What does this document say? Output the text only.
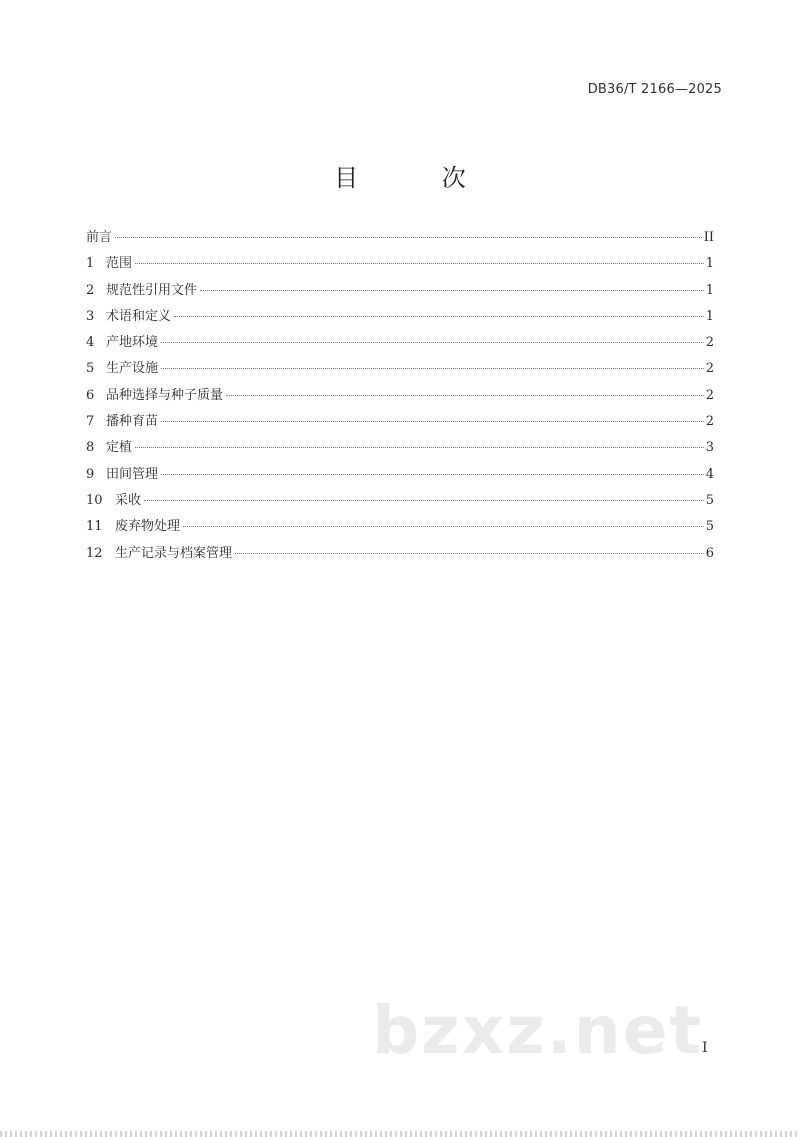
DB36/T 2166—2025
目 次
前言	II
1 范围	1
2 规范性引用文件	1
3 术语和定义	1
4 产地环境	2
5 生产设施	2
6 品种选择与种子质量	2
7 播种育苗	2
8 定植	3
9 田间管理	4
10 采收	5
11 废弃物处理	5
12 生产记录与档案管理	6
bzxz.net
I
